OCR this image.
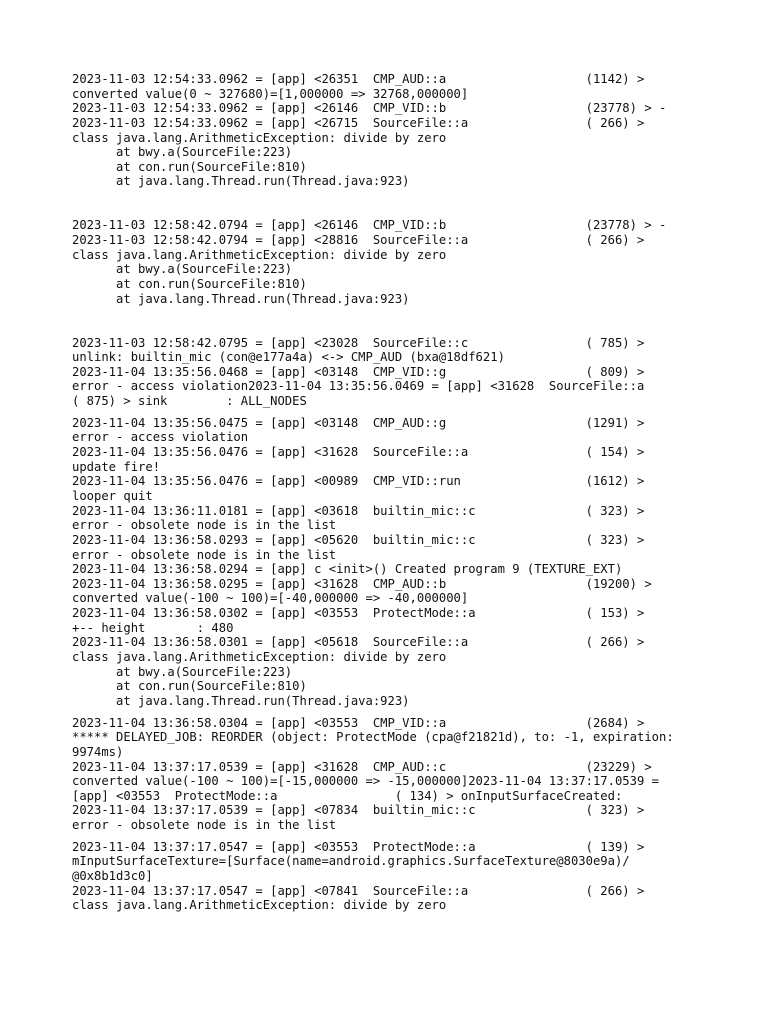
2023-11-03 12:54:33.0962 = [app] <26351  CMP_AUD::a                   (1142) >
converted value(0 ~ 327680)=[1,000000 => 32768,000000]
2023-11-03 12:54:33.0962 = [app] <26146  CMP_VID::b                   (23778) > -
2023-11-03 12:54:33.0962 = [app] <26715  SourceFile::a                ( 266) >
class java.lang.ArithmeticException: divide by zero
at bwy.a(SourceFile:223)
at con.run(SourceFile:810)
at java.lang.Thread.run(Thread.java:923)
2023-11-03 12:58:42.0794 = [app] <26146  CMP_VID::b                   (23778) > -
2023-11-03 12:58:42.0794 = [app] <28816  SourceFile::a                ( 266) >
class java.lang.ArithmeticException: divide by zero
at bwy.a(SourceFile:223)
at con.run(SourceFile:810)
at java.lang.Thread.run(Thread.java:923)
2023-11-03 12:58:42.0795 = [app] <23028  SourceFile::c                ( 785) >
unlink: builtin_mic (con@e177a4a) <-> CMP_AUD (bxa@18df621)
2023-11-04 13:35:56.0468 = [app] <03148  CMP_VID::g                   ( 809) >
error - access violation2023-11-04 13:35:56.0469 = [app] <31628  SourceFile::a
( 875) > sink        : ALL_NODES
2023-11-04 13:35:56.0475 = [app] <03148  CMP_AUD::g                   (1291) >
error - access violation
2023-11-04 13:35:56.0476 = [app] <31628  SourceFile::a                ( 154) >
update fire!
2023-11-04 13:35:56.0476 = [app] <00989  CMP_VID::run                 (1612) >
looper quit
2023-11-04 13:36:11.0181 = [app] <03618  builtin_mic::c               ( 323) >
error - obsolete node is in the list
2023-11-04 13:36:58.0293 = [app] <05620  builtin_mic::c               ( 323) >
error - obsolete node is in the list
2023-11-04 13:36:58.0294 = [app] c <init>() Created program 9 (TEXTURE_EXT)
2023-11-04 13:36:58.0295 = [app] <31628  CMP_AUD::b                   (19200) >
converted value(-100 ~ 100)=[-40,000000 => -40,000000]
2023-11-04 13:36:58.0302 = [app] <03553  ProtectMode::a               ( 153) >
+-- height       : 480
2023-11-04 13:36:58.0301 = [app] <05618  SourceFile::a                ( 266) >
class java.lang.ArithmeticException: divide by zero
at bwy.a(SourceFile:223)
at con.run(SourceFile:810)
at java.lang.Thread.run(Thread.java:923)
2023-11-04 13:36:58.0304 = [app] <03553  CMP_VID::a                   (2684) >
***** DELAYED_JOB: REORDER (object: ProtectMode (cpa@f21821d), to: -1, expiration:
9974ms)
2023-11-04 13:37:17.0539 = [app] <31628  CMP_AUD::c                   (23229) >
converted value(-100 ~ 100)=[-15,000000 => -15,000000]2023-11-04 13:37:17.0539 =
[app] <03553  ProtectMode::a                ( 134) > onInputSurfaceCreated:
2023-11-04 13:37:17.0539 = [app] <07834  builtin_mic::c               ( 323) >
error - obsolete node is in the list
2023-11-04 13:37:17.0547 = [app] <03553  ProtectMode::a               ( 139) >
mInputSurfaceTexture=[Surface(name=android.graphics.SurfaceTexture@8030e9a)/
@0x8b1d3c0]
2023-11-04 13:37:17.0547 = [app] <07841  SourceFile::a                ( 266) >
class java.lang.ArithmeticException: divide by zero
